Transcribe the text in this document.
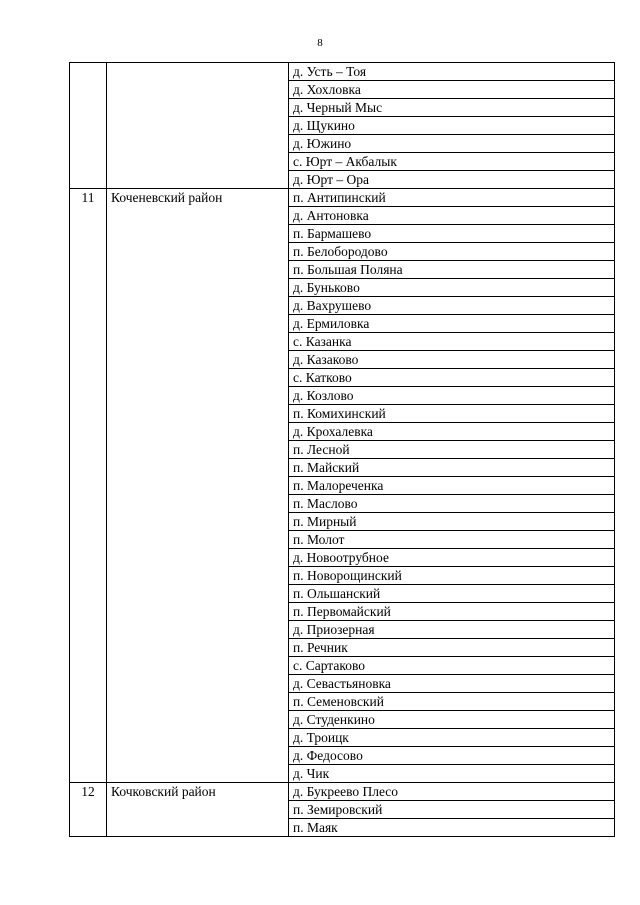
8
		д. Усть – Тоя
		д. Хохловка
		д. Черный Мыс
		д. Щукино
		д. Южино
		с. Юрт – Акбалык
		д. Юрт – Ора
11	Коченевский район	п. Антипинский
		д. Антоновка
		п. Бармашево
		п. Белобородово
		п. Большая Поляна
		д. Буньково
		д. Вахрушево
		д. Ермиловка
		с. Казанка
		д. Казаково
		с. Катково
		д. Козлово
		п. Комихинский
		д. Крохалевка
		п. Лесной
		п. Майский
		п. Малореченка
		п. Маслово
		п. Мирный
		п. Молот
		д. Новоотрубное
		п. Новорощинский
		п. Ольшанский
		п. Первомайский
		д. Приозерная
		п. Речник
		с. Сартаково
		д. Севастьяновка
		п. Семеновский
		д. Студенкино
		д. Троицк
		д. Федосово
		д. Чик
12	Кочковский район	д. Букреево Плесо
		п. Земировский
		п. Маяк
